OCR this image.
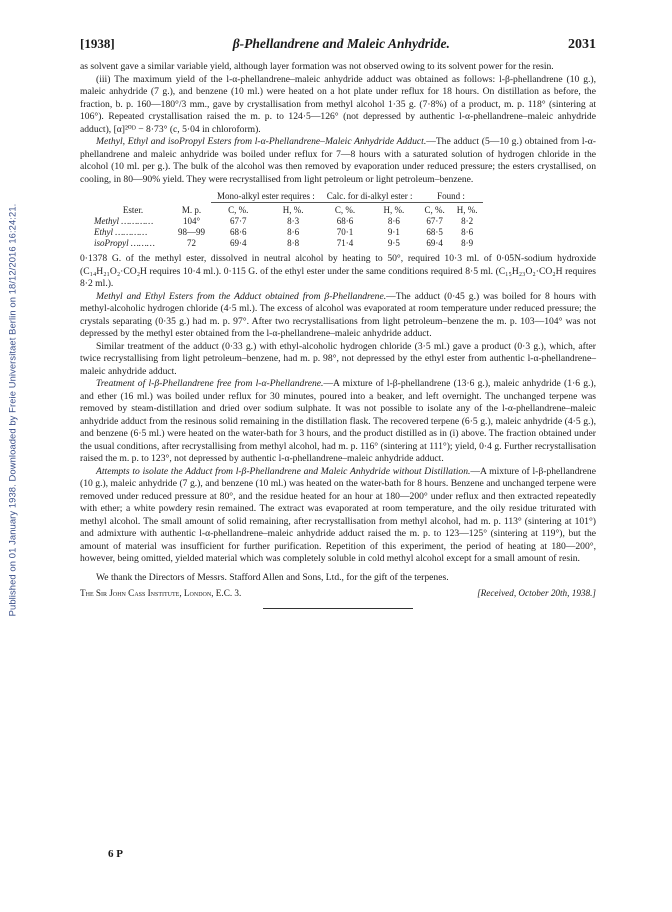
Published on 01 January 1938. Downloaded by Freie Universitaet Berlin on 18/12/2016 16:24:21.
[1938]	β-Phellandrene and Maleic Anhydride.	2031

as solvent gave a similar variable yield, although layer formation was not observed owing to its solvent power for the resin.

(iii) The maximum yield of the l-α-phellandrene–maleic anhydride adduct was obtained as follows: l-β-phellandrene (10 g.), maleic anhydride (7 g.), and benzene (10 ml.) were heated on a hot plate under reflux for 18 hours. On distillation as before, the fraction, b. p. 160—180°/3 mm., gave by crystallisation from methyl alcohol 1·35 g. (7·8%) of a product, m. p. 118° (sintering at 106°). Repeated crystallisation raised the m. p. to 124·5—126° (not depressed by authentic l-α-phellandrene–maleic anhydride adduct), [α]²⁰ᴰ − 8·73° (c, 5·04 in chloroform).

Methyl, Ethyl and isoPropyl Esters from l-α-Phellandrene–Maleic Anhydride Adduct.—The adduct (5—10 g.) obtained from l-α-phellandrene and maleic anhydride was boiled under reflux for 7—8 hours with a saturated solution of hydrogen chloride in the alcohol (10 ml. per g.). The bulk of the alcohol was then removed by evaporation under reduced pressure; the esters crystallised, on cooling, in 80—90% yield. They were recrystallised from light petroleum or light petroleum–benzene.

		Mono-alkyl ester requires :		Calc. for di-alkyl ester :		Found :	

Ester.	M. p.	C, %.	H, %.	C, %.	H, %.	C, %.	H, %.
Methyl …………	104°	67·7	8·3	68·6	8·6	67·7	8·2
Ethyl …………	98—99	68·6	8·6	70·1	9·1	68·5	8·6
isoPropyl ………	72	69·4	8·8	71·4	9·5	69·4	8·9

0·1378 G. of the methyl ester, dissolved in neutral alcohol by heating to 50°, required 10·3 ml. of 0·05N-sodium hydroxide (C₁₄H₂₁O₂·CO₂H requires 10·4 ml.). 0·115 G. of the ethyl ester under the same conditions required 8·5 ml. (C₁₅H₂₃O₂·CO₂H requires 8·2 ml.).

Methyl and Ethyl Esters from the Adduct obtained from β-Phellandrene.—The adduct (0·45 g.) was boiled for 8 hours with methyl-alcoholic hydrogen chloride (4·5 ml.). The excess of alcohol was evaporated at room temperature under reduced pressure; the crystals separating (0·35 g.) had m. p. 97°. After two recrystallisations from light petroleum–benzene the m. p. 103—104° was not depressed by the methyl ester obtained from the l-α-phellandrene–maleic anhydride adduct.

Similar treatment of the adduct (0·33 g.) with ethyl-alcoholic hydrogen chloride (3·5 ml.) gave a product (0·3 g.), which, after twice recrystallising from light petroleum–benzene, had m. p. 98°, not depressed by the ethyl ester from authentic l-α-phellandrene–maleic anhydride adduct.

Treatment of l-β-Phellandrene free from l-α-Phellandrene.—A mixture of l-β-phellandrene (13·6 g.), maleic anhydride (1·6 g.), and ether (16 ml.) was boiled under reflux for 30 minutes, poured into a beaker, and left overnight. The unchanged terpene was removed by steam-distillation and dried over sodium sulphate. It was not possible to isolate any of the l-α-phellandrene–maleic anhydride adduct from the resinous solid remaining in the distillation flask. The recovered terpene (6·5 g.), maleic anhydride (4·5 g.), and benzene (6·5 ml.) were heated on the water-bath for 3 hours, and the product distilled as in (i) above. The fraction obtained under the usual conditions, after recrystallising from methyl alcohol, had m. p. 116° (sintering at 111°); yield, 0·4 g. Further recrystallisation raised the m. p. to 123°, not depressed by authentic l-α-phellandrene–maleic anhydride adduct.

Attempts to isolate the Adduct from l-β-Phellandrene and Maleic Anhydride without Distillation.—A mixture of l-β-phellandrene (10 g.), maleic anhydride (7 g.), and benzene (10 ml.) was heated on the water-bath for 8 hours. Benzene and unchanged terpene were removed under reduced pressure at 80°, and the residue heated for an hour at 180—200° under reflux and then extracted repeatedly with ether; a white powdery resin remained. The extract was evaporated at room temperature, and the oily residue triturated with methyl alcohol. The small amount of solid remaining, after recrystallisation from methyl alcohol, had m. p. 113° (sintering at 101°) and admixture with authentic l-α-phellandrene–maleic anhydride adduct raised the m. p. to 123—125° (sintering at 119°), but the amount of material was insufficient for further purification. Repetition of this experiment, the period of heating at 180—200°, however, being omitted, yielded material which was completely soluble in cold methyl alcohol except for a small amount of resin.

We thank the Directors of Messrs. Stafford Allen and Sons, Ltd., for the gift of the terpenes.

The Sir John Cass Institute, London, E.C. 3.	[Received, October 20th, 1938.]
6 P
